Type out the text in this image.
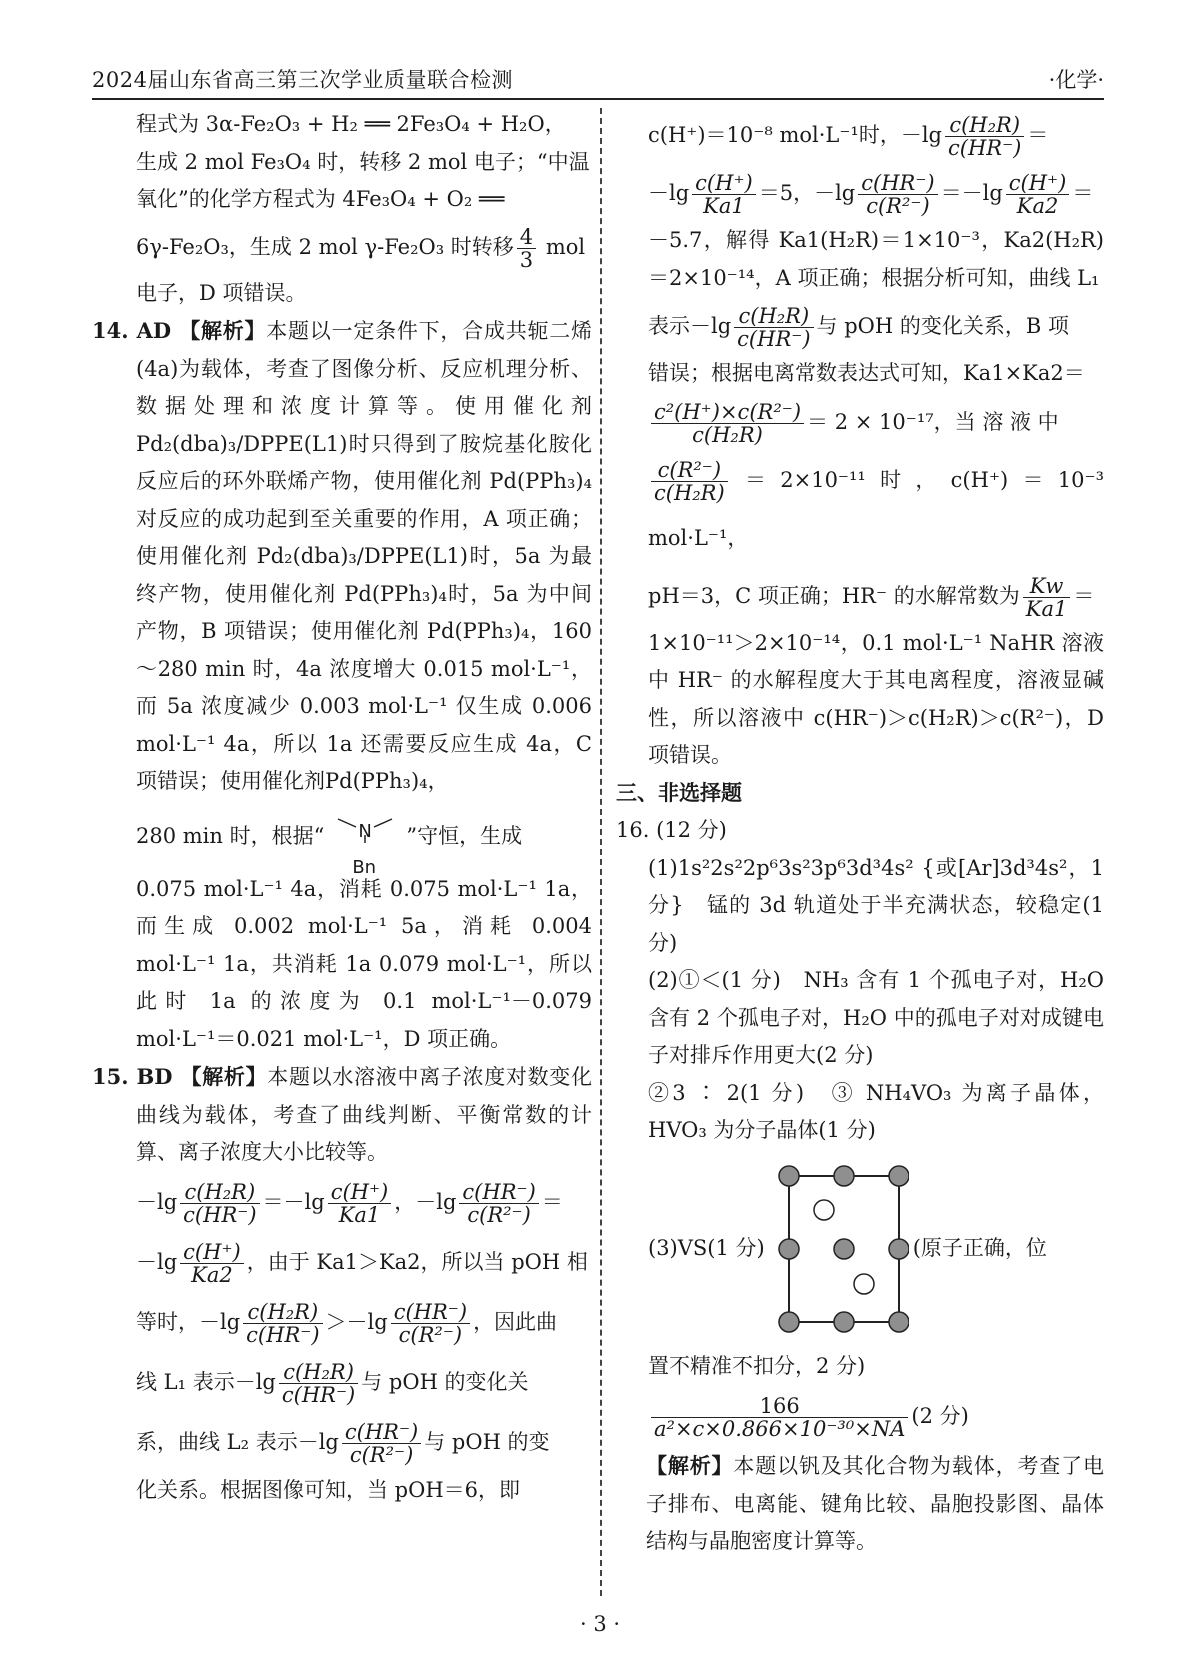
2024届山东省高三第三次学业质量联合检测	·化学·

程式为 3α-Fe₂O₃ + H₂ ══ 2Fe₃O₄ + H₂O，

生成 2 mol Fe₃O₄ 时，转移 2 mol 电子；“中温

氧化”的化学方程式为 4Fe₃O₄ + O₂ ══

6γ-Fe₂O₃，生成 2 mol γ-Fe₂O₃ 时转移 $\frac{4}{3}$ mol

电子，D 项错误。

14. AD 【解析】本题以一定条件下，合成共轭二烯(4a)为载体，考查了图像分析、反应机理分析、数据处理和浓度计算等。使用催化剂 Pd₂(dba)₃/DPPE(L1)时只得到了胺烷基化胺化反应后的环外联烯产物，使用催化剂 Pd(PPh₃)₄对反应的成功起到至关重要的作用，A 项正确；使用催化剂 Pd₂(dba)₃/DPPE(L1)时，5a 为最终产物，使用催化剂 Pd(PPh₃)₄时，5a 为中间产物，B 项错误；使用催化剂 Pd(PPh₃)₄，160～280 min 时，4a 浓度增大 0.015 mol·L⁻¹，而 5a 浓度减少 0.003 mol·L⁻¹ 仅生成 0.006 mol·L⁻¹ 4a，所以 1a 还需要反应生成 4a，C 项错误；使用催化剂Pd(PPh₃)₄，

280 min 时，根据“ N
Bn
”守恒，生成

0.075 mol·L⁻¹ 4a，消耗 0.075 mol·L⁻¹ 1a，而生成 0.002 mol·L⁻¹ 5a，消耗 0.004 mol·L⁻¹ 1a，共消耗 1a 0.079 mol·L⁻¹，所以此时 1a 的浓度为 0.1 mol·L⁻¹－0.079 mol·L⁻¹＝0.021 mol·L⁻¹，D 项正确。

15. BD 【解析】本题以水溶液中离子浓度对数变化曲线为载体，考查了曲线判断、平衡常数的计算、离子浓度大小比较等。

$-\lg \frac{\text{c(H₂R)}}{c(HR^-)} =-\lg \frac{c(H^+)}{Ka1}$ ，$-\lg \frac{c(HR^-)}{\text{c(R²⁻)}}$ ＝

$-\lg \frac{c(H^+)}{Ka2}$ ，由于 Ka1＞Ka2，所以当 pOH 相

等时，$-\lg \frac{\text{c(H₂R)}}{c(HR^-)} >-\lg \frac{c(HR^-)}{\text{c(R²⁻)}}$ ，因此曲

线 L₁ 表示$-\lg \frac{\text{c(H₂R)}}{c(HR^-)}$ 与 pOH 的变化关

系，曲线 L₂ 表示$-\lg \frac{c(HR^-)}{\text{c(R²⁻)}}$ 与 pOH 的变

化关系。根据图像可知，当 pOH＝6，即

c(H⁺)＝10⁻⁸ mol·L⁻¹时，$-\lg \frac{\text{c(H₂R)}}{c(HR^-)}$ ＝

$-\lg \frac{c(H^+)}{Ka1} =5$，$-\lg \frac{c(HR^-)}{\text{c(R²⁻)}} =-\lg \frac{c(H^+)}{Ka2}$ ＝

－5.7，解得 Ka1(H₂R)＝1×10⁻³，Ka2(H₂R)＝2×10⁻¹⁴，A 项正确；根据分析可知，曲线 L₁

表示$-\lg \frac{\text{c(H₂R)}}{c(HR^-)}$ 与 pOH 的变化关系，B 项

错误；根据电离常数表达式可知，Ka1×Ka2＝

$\frac{\text{c²(H⁺)×c(R²⁻)}}{\text{c(H₂R)}} = 2 \times 10^{-17}$，当 溶 液 中

$\frac{\text{c(R²⁻)}}{\text{c(H₂R)}} =2\times 10^{-11}$时，c(H⁺)＝10⁻³ mol·L⁻¹，

pH＝3，C 项正确；HR⁻ 的水解常数为 $\frac{Kw}{Ka1}$ ＝

1×10⁻¹¹＞2×10⁻¹⁴，0.1 mol·L⁻¹ NaHR 溶液中 HR⁻ 的水解程度大于其电离程度，溶液显碱性，所以溶液中 c(HR⁻)＞c(H₂R)＞c(R²⁻)，D 项错误。

三、非选择题

16. (12 分)

(1)1s²2s²2p⁶3s²3p⁶3d³4s² {或[Ar]3d³4s²，1 分}　锰的 3d 轨道处于半充满状态，较稳定(1 分)

(2)①＜(1 分)　NH₃ 含有 1 个孤电子对，H₂O 含有 2 个孤电子对，H₂O 中的孤电子对对成键电子对排斥作用更大(2 分)

②3 ∶ 2(1 分)　③ NH₄VO₃ 为离子晶体，HVO₃ 为分子晶体(1 分)

(3)VS(1 分)	(原子正确，位

置不精准不扣分，2 分)

$\frac{166}{\text{a²×c×0.866×10⁻³⁰×NA}} (2$ 分)

【解析】本题以钒及其化合物为载体，考查了电子排布、电离能、键角比较、晶胞投影图、晶体结构与晶胞密度计算等。

· 3 ·
